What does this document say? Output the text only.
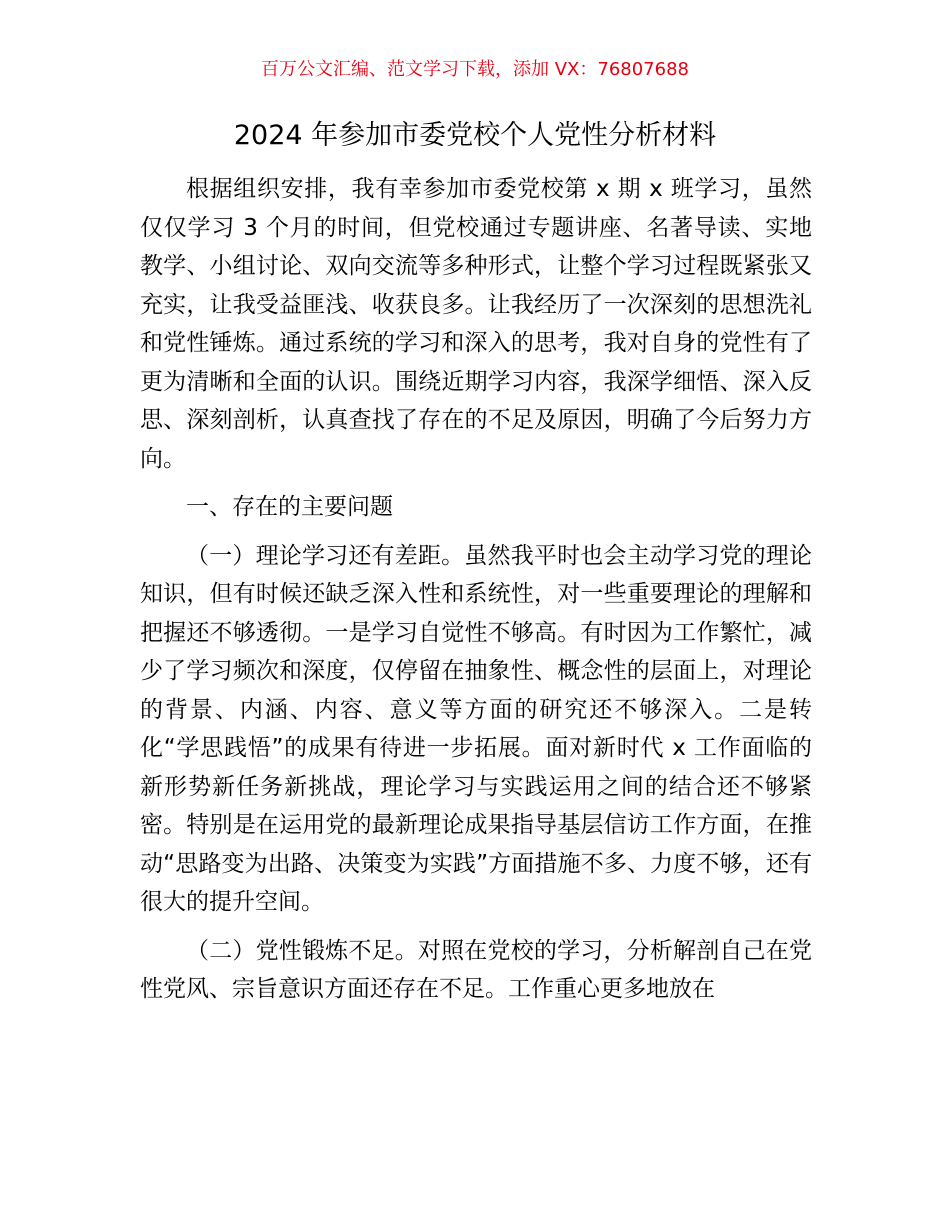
百万公文汇编、范文学习下载，添加 VX：76807688
2024 年参加市委党校个人党性分析材料

根据组织安排，我有幸参加市委党校第 x 期 x 班学习，虽然仅仅学习 3 个月的时间，但党校通过专题讲座、名著导读、实地教学、小组讨论、双向交流等多种形式，让整个学习过程既紧张又充实，让我受益匪浅、收获良多。让我经历了一次深刻的思想洗礼和党性锤炼。通过系统的学习和深入的思考，我对自身的党性有了更为清晰和全面的认识。围绕近期学习内容，我深学细悟、深入反思、深刻剖析，认真查找了存在的不足及原因，明确了今后努力方向。

一、存在的主要问题

（一）理论学习还有差距。虽然我平时也会主动学习党的理论知识，但有时候还缺乏深入性和系统性，对一些重要理论的理解和把握还不够透彻。一是学习自觉性不够高。有时因为工作繁忙，减少了学习频次和深度，仅停留在抽象性、概念性的层面上，对理论的背景、内涵、内容、意义等方面的研究还不够深入。二是转化“学思践悟”的成果有待进一步拓展。面对新时代 x 工作面临的新形势新任务新挑战，理论学习与实践运用之间的结合还不够紧密。特别是在运用党的最新理论成果指导基层信访工作方面，在推动“思路变为出路、决策变为实践”方面措施不多、力度不够，还有很大的提升空间。

（二）党性锻炼不足。对照在党校的学习，分析解剖自己在党性党风、宗旨意识方面还存在不足。工作重心更多地放在
